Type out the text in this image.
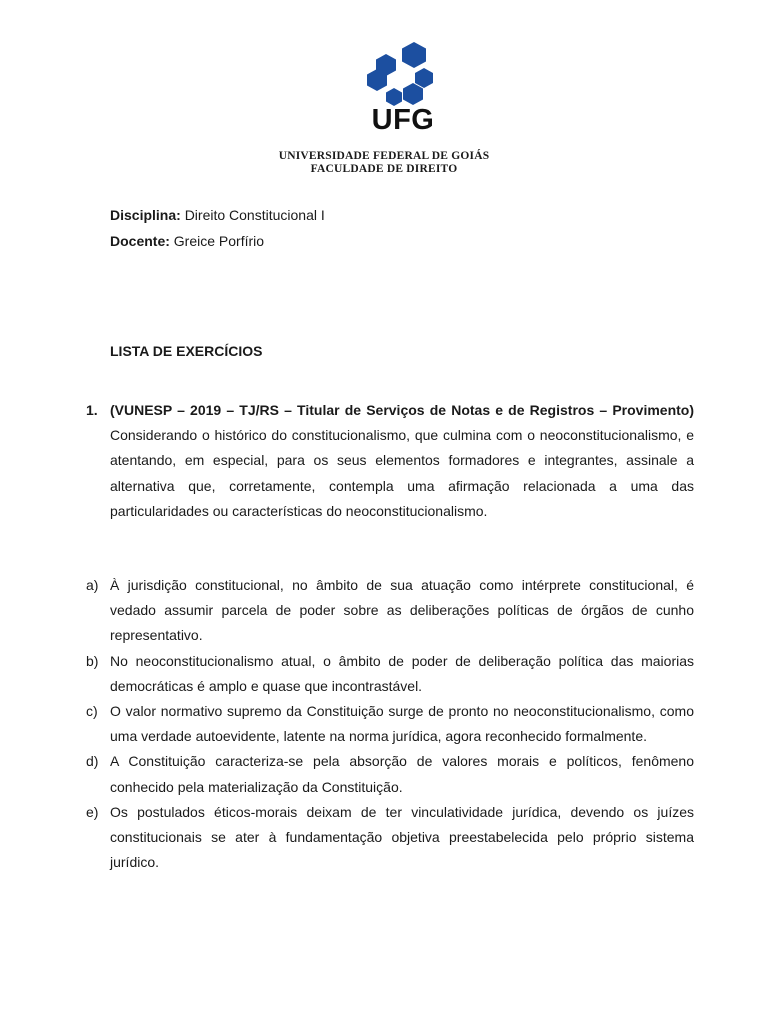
UFG
UNIVERSIDADE FEDERAL DE GOIÁS
FACULDADE DE DIREITO
Disciplina: Direito Constitucional I
Docente: Greice Porfírio
LISTA DE EXERCÍCIOS
1. (VUNESP – 2019 – TJ/RS – Titular de Serviços de Notas e de Registros – Provimento) Considerando o histórico do constitucionalismo, que culmina com o neoconstitucionalismo, e atentando, em especial, para os seus elementos formadores e integrantes, assinale a alternativa que, corretamente, contempla uma afirmação relacionada a uma das particularidades ou características do neoconstitucionalismo.
a) À jurisdição constitucional, no âmbito de sua atuação como intérprete constitucional, é vedado assumir parcela de poder sobre as deliberações políticas de órgãos de cunho representativo.
b) No neoconstitucionalismo atual, o âmbito de poder de deliberação política das maiorias democráticas é amplo e quase que incontrastável.
c) O valor normativo supremo da Constituição surge de pronto no neoconstitucionalismo, como uma verdade autoevidente, latente na norma jurídica, agora reconhecido formalmente.
d) A Constituição caracteriza-se pela absorção de valores morais e políticos, fenômeno conhecido pela materialização da Constituição.
e) Os postulados éticos-morais deixam de ter vinculatividade jurídica, devendo os juízes constitucionais se ater à fundamentação objetiva preestabelecida pelo próprio sistema jurídico.
